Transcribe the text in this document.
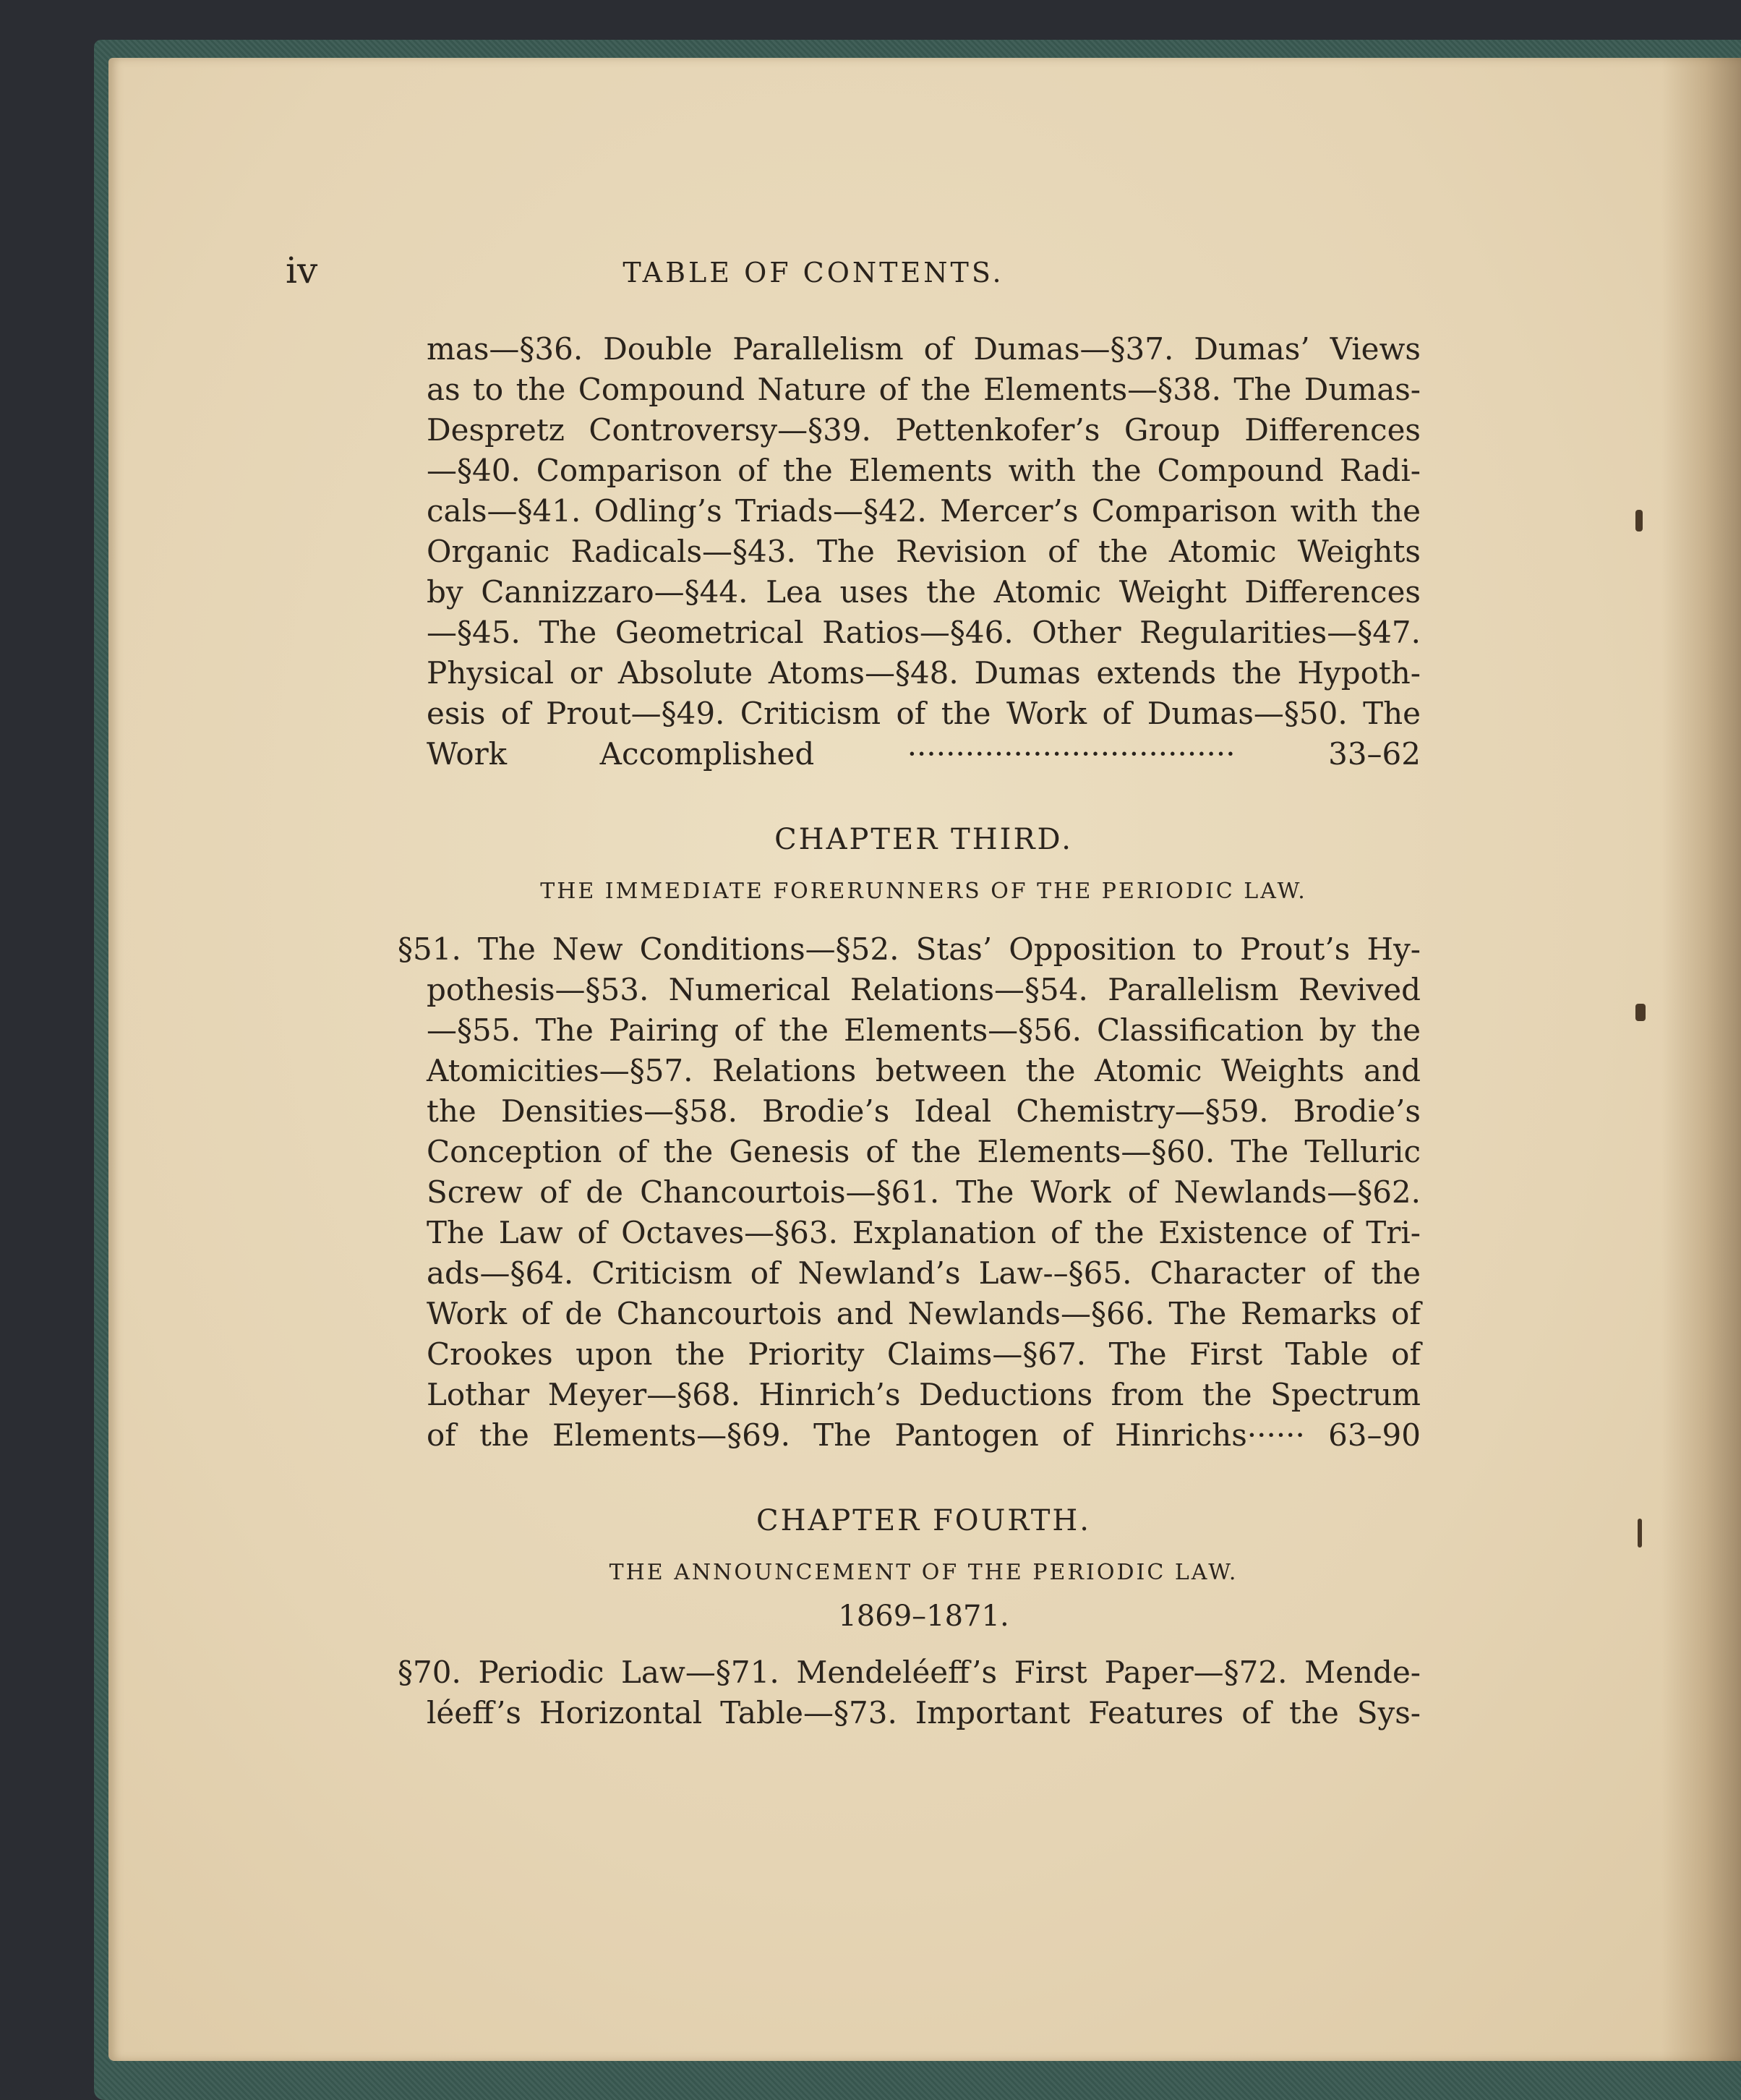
iv	TABLE OF CONTENTS.
mas—§36. Double Parallelism of Dumas—§37. Dumas’ Views
as to the Compound Nature of the Elements—§38. The Dumas-
Despretz Controversy—§39. Pettenkofer’s Group Differences
—§40. Comparison of the Elements with the Compound Radi-
cals—§41. Odling’s Triads—§42. Mercer’s Comparison with the
Organic Radicals—§43. The Revision of the Atomic Weights
by Cannizzaro—§44. Lea uses the Atomic Weight Differences
—§45. The Geometrical Ratios—§46. Other Regularities—§47.
Physical or Absolute Atoms—§48. Dumas extends the Hypoth-
esis of Prout—§49. Criticism of the Work of Dumas—§50. The
Work Accomplished ·································· 33–62
CHAPTER THIRD.
THE IMMEDIATE FORERUNNERS OF THE PERIODIC LAW.
§51. The New Conditions—§52. Stas’ Opposition to Prout’s Hy-
pothesis—§53. Numerical Relations—§54. Parallelism Revived
—§55. The Pairing of the Elements—§56. Classification by the
Atomicities—§57. Relations between the Atomic Weights and
the Densities—§58. Brodie’s Ideal Chemistry—§59. Brodie’s
Conception of the Genesis of the Elements—§60. The Telluric
Screw of de Chancourtois—§61. The Work of Newlands—§62.
The Law of Octaves—§63. Explanation of the Existence of Tri-
ads—§64. Criticism of Newland’s Law-–§65. Character of the
Work of de Chancourtois and Newlands—§66. The Remarks of
Crookes upon the Priority Claims—§67. The First Table of
Lothar Meyer—§68. Hinrich’s Deductions from the Spectrum
of the Elements—§69. The Pantogen of Hinrichs······ 63–90
CHAPTER FOURTH.
THE ANNOUNCEMENT OF THE PERIODIC LAW.
1869–1871.
§70. Periodic Law—§71. Mendeléeff’s First Paper—§72. Mende-
léeff’s Horizontal Table—§73. Important Features of the Sys-
